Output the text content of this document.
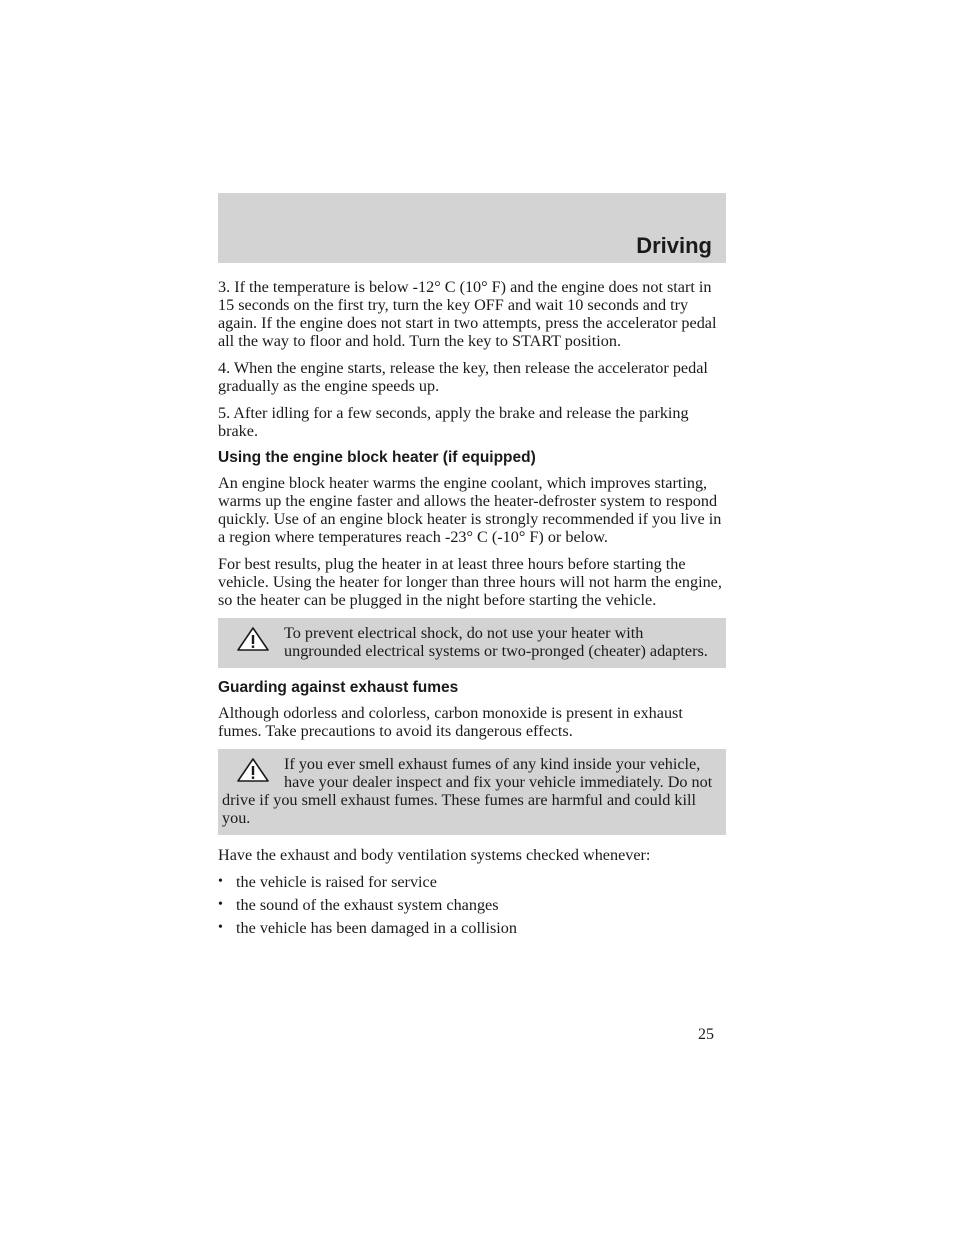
Driving

3. If the temperature is below -12° C (10° F) and the engine does not start in 15 seconds on the first try, turn the key OFF and wait 10 seconds and try again. If the engine does not start in two attempts, press the accelerator pedal all the way to floor and hold. Turn the key to START position.

4. When the engine starts, release the key, then release the accelerator pedal gradually as the engine speeds up.

5. After idling for a few seconds, apply the brake and release the parking brake.

Using the engine block heater (if equipped)

An engine block heater warms the engine coolant, which improves starting, warms up the engine faster and allows the heater-defroster system to respond quickly. Use of an engine block heater is strongly recommended if you live in a region where temperatures reach -23° C (-10° F) or below.

For best results, plug the heater in at least three hours before starting the vehicle. Using the heater for longer than three hours will not harm the engine, so the heater can be plugged in the night before starting the vehicle.

To prevent electrical shock, do not use your heater with ungrounded electrical systems or two-pronged (cheater) adapters.

Guarding against exhaust fumes

Although odorless and colorless, carbon monoxide is present in exhaust fumes. Take precautions to avoid its dangerous effects.

If you ever smell exhaust fumes of any kind inside your vehicle, have your dealer inspect and fix your vehicle immediately. Do not drive if you smell exhaust fumes. These fumes are harmful and could kill you.

Have the exhaust and body ventilation systems checked whenever:

• the vehicle is raised for service
• the sound of the exhaust system changes
• the vehicle has been damaged in a collision
25
